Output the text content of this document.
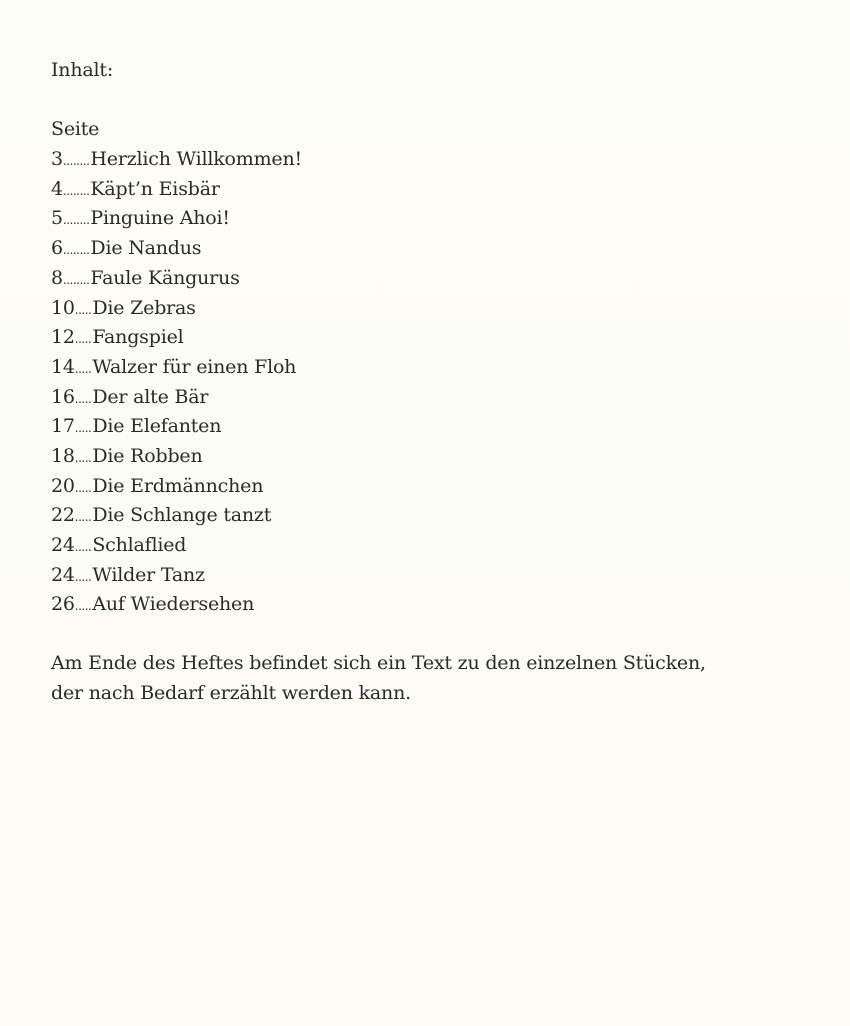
Inhalt:
Seite
3 ........ Herzlich Willkommen!
4 ........ Käpt’n Eisbär
5 ........ Pinguine Ahoi!
6 ........ Die Nandus
8 ........ Faule Kängurus
10 ..... Die Zebras
12 ..... Fangspiel
14 ..... Walzer für einen Floh
16 ..... Der alte Bär
17 ..... Die Elefanten
18 ..... Die Robben
20 ..... Die Erdmännchen
22 ..... Die Schlange tanzt
24 ..... Schlaflied
24 ..... Wilder Tanz
26 ..... Auf Wiedersehen

Am Ende des Heftes befindet sich ein Text zu den einzelnen Stücken,

der nach Bedarf erzählt werden kann.
